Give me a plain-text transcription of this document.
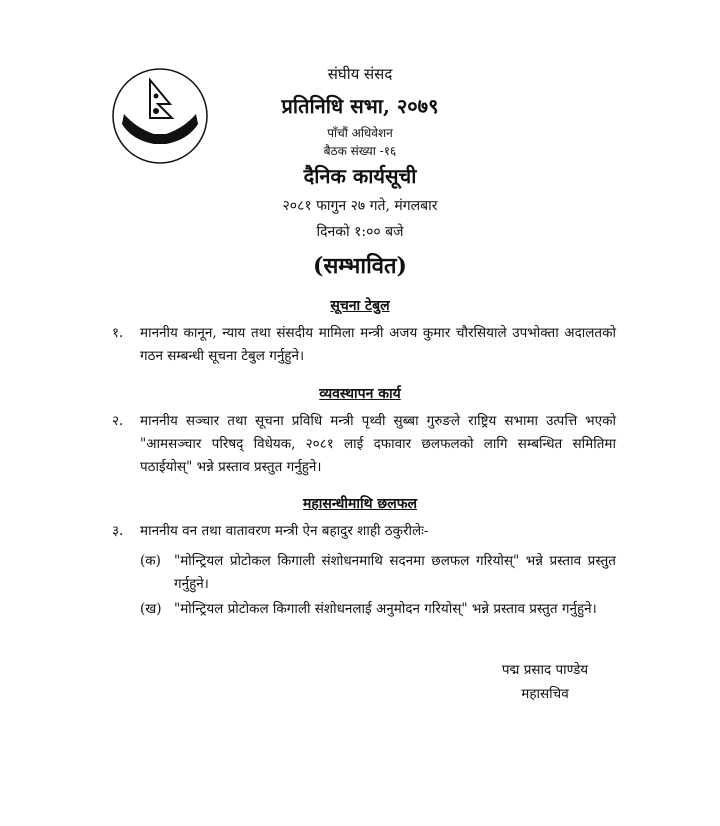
संघीय संसद
प्रतिनिधि सभा, २०७९
पाँचौं अधिवेशन
बैठक संख्या -१६
दैनिक कार्यसूची
२०८१ फागुन २७ गते, मंगलबार
दिनको १:०० बजे
(सम्भावित)
सूचना टेबुल
१.	माननीय कानून, न्याय तथा संसदीय मामिला मन्त्री अजय कुमार चौरसियाले उपभोक्ता अदालतको गठन सम्बन्धी सूचना टेबुल गर्नुहुने।
व्यवस्थापन कार्य
२.	माननीय सञ्चार तथा सूचना प्रविधि मन्त्री पृथ्वी सुब्बा गुरुङले राष्ट्रिय सभामा उत्पत्ति भएको "आमसञ्चार परिषद् विधेयक, २०८१ लाई दफावार छलफलको लागि सम्बन्धित समितिमा पठाईयोस्" भन्ने प्रस्ताव प्रस्तुत गर्नुहुने।
महासन्धीमाथि छलफल
३.	माननीय वन तथा वातावरण मन्त्री ऐन बहादुर शाही ठकुरीलेः-
(क) "मोन्ट्रियल प्रोटोकल किगाली संशोधनमाथि सदनमा छलफल गरियोस्" भन्ने प्रस्ताव प्रस्तुत गर्नुहुने।
(ख) "मोन्ट्रियल प्रोटोकल किगाली संशोधनलाई अनुमोदन गरियोस्" भन्ने प्रस्ताव प्रस्तुत गर्नुहुने।
पद्म प्रसाद पाण्डेय
महासचिव
